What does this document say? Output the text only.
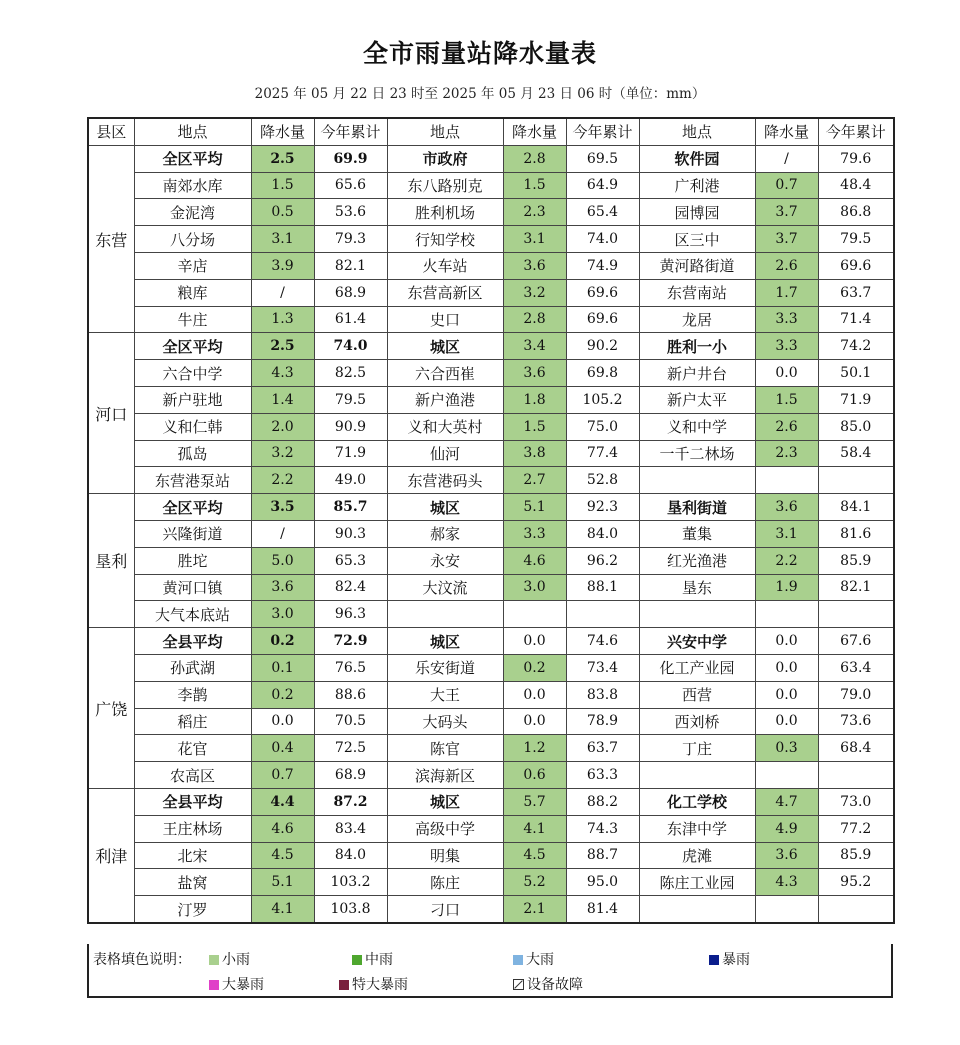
全市雨量站降水量表
2025 年 05 月 22 日 23 时至 2025 年 05 月 23 日 06 时（单位：mm）
县区	地点	降水量	今年累计	地点	降水量	今年累计	地点	降水量	今年累计
东营	全区平均	2.5	69.9	市政府	2.8	69.5	软件园	/	79.6
	南郊水库	1.5	65.6	东八路别克	1.5	64.9	广利港	0.7	48.4
	金泥湾	0.5	53.6	胜利机场	2.3	65.4	园博园	3.7	86.8
	八分场	3.1	79.3	行知学校	3.1	74.0	区三中	3.7	79.5
	辛店	3.9	82.1	火车站	3.6	74.9	黄河路街道	2.6	69.6
	粮库	/	68.9	东营高新区	3.2	69.6	东营南站	1.7	63.7
	牛庄	1.3	61.4	史口	2.8	69.6	龙居	3.3	71.4
河口	全区平均	2.5	74.0	城区	3.4	90.2	胜利一小	3.3	74.2
	六合中学	4.3	82.5	六合西崔	3.6	69.8	新户井台	0.0	50.1
	新户驻地	1.4	79.5	新户渔港	1.8	105.2	新户太平	1.5	71.9
	义和仁韩	2.0	90.9	义和大英村	1.5	75.0	义和中学	2.6	85.0
	孤岛	3.2	71.9	仙河	3.8	77.4	一千二林场	2.3	58.4
	东营港泵站	2.2	49.0	东营港码头	2.7	52.8			
垦利	全区平均	3.5	85.7	城区	5.1	92.3	垦利街道	3.6	84.1
	兴隆街道	/	90.3	郝家	3.3	84.0	董集	3.1	81.6
	胜坨	5.0	65.3	永安	4.6	96.2	红光渔港	2.2	85.9
	黄河口镇	3.6	82.4	大汶流	3.0	88.1	垦东	1.9	82.1
	大气本底站	3.0	96.3						
广饶	全县平均	0.2	72.9	城区	0.0	74.6	兴安中学	0.0	67.6
	孙武湖	0.1	76.5	乐安街道	0.2	73.4	化工产业园	0.0	63.4
	李鹊	0.2	88.6	大王	0.0	83.8	西营	0.0	79.0
	稻庄	0.0	70.5	大码头	0.0	78.9	西刘桥	0.0	73.6
	花官	0.4	72.5	陈官	1.2	63.7	丁庄	0.3	68.4
	农高区	0.7	68.9	滨海新区	0.6	63.3			
利津	全县平均	4.4	87.2	城区	5.7	88.2	化工学校	4.7	73.0
	王庄林场	4.6	83.4	高级中学	4.1	74.3	东津中学	4.9	77.2
	北宋	4.5	84.0	明集	4.5	88.7	虎滩	3.6	85.9
	盐窝	5.1	103.2	陈庄	5.2	95.0	陈庄工业园	4.3	95.2
	汀罗	4.1	103.8	刁口	2.1	81.4			
表格填色说明：	小雨	中雨	大雨	暴雨
大暴雨	特大暴雨	设备故障
